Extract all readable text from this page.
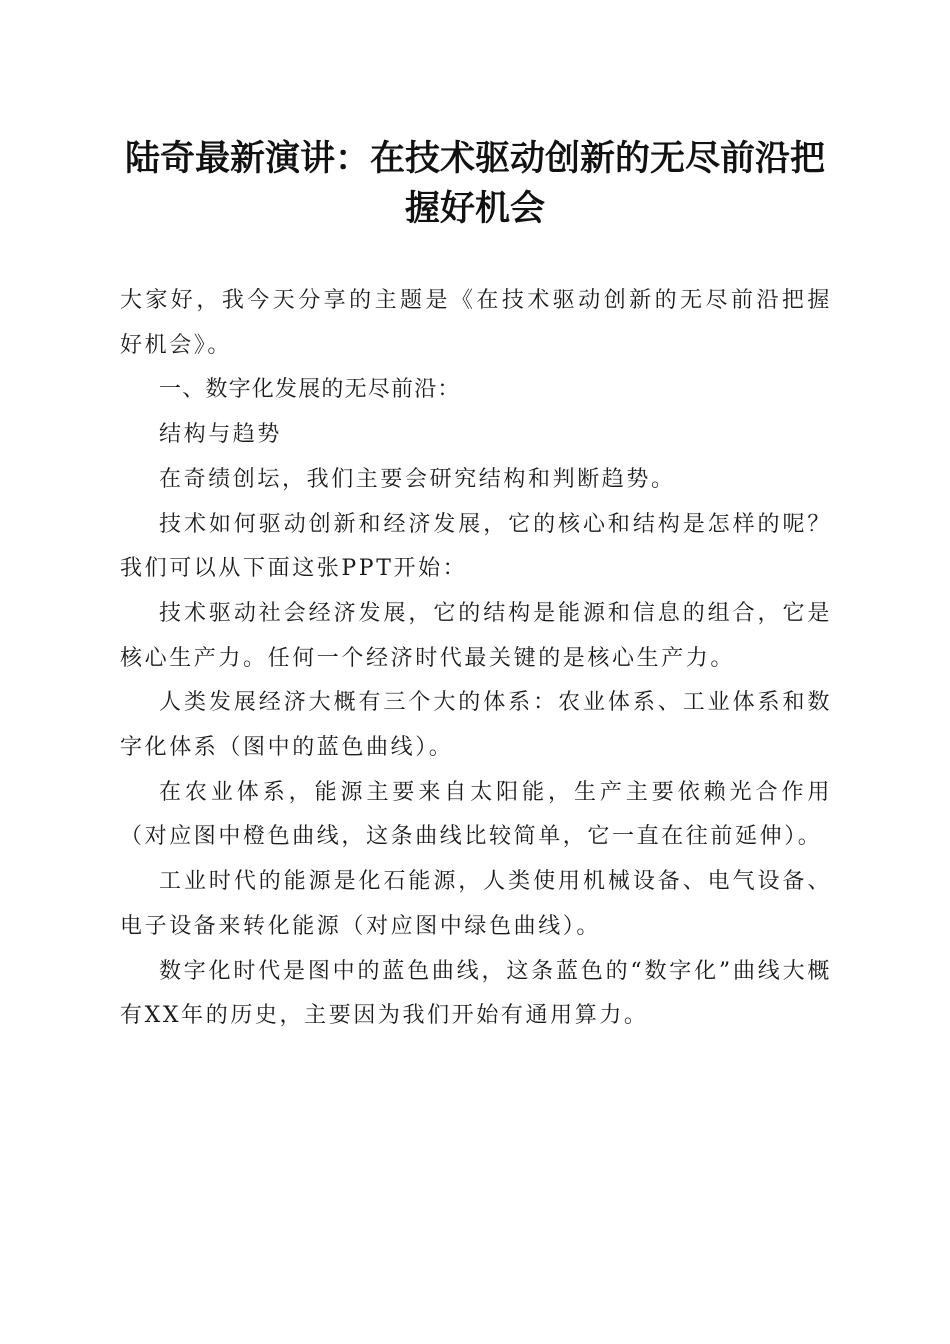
陆奇最新演讲：在技术驱动创新的无尽前沿把
握好机会

大家好，我今天分享的主题是《在技术驱动创新的无尽前沿把握好机会》。

一、数字化发展的无尽前沿：

结构与趋势

在奇绩创坛，我们主要会研究结构和判断趋势。

技术如何驱动创新和经济发展，它的核心和结构是怎样的呢？我们可以从下面这张PPT开始：

技术驱动社会经济发展，它的结构是能源和信息的组合，它是核心生产力。任何一个经济时代最关键的是核心生产力。

人类发展经济大概有三个大的体系：农业体系、工业体系和数字化体系（图中的蓝色曲线）。

在农业体系，能源主要来自太阳能，生产主要依赖光合作用（对应图中橙色曲线，这条曲线比较简单，它一直在往前延伸）。

工业时代的能源是化石能源，人类使用机械设备、电气设备、电子设备来转化能源（对应图中绿色曲线）。

数字化时代是图中的蓝色曲线，这条蓝色的“数字化”曲线大概有XX年的历史，主要因为我们开始有通用算力。
